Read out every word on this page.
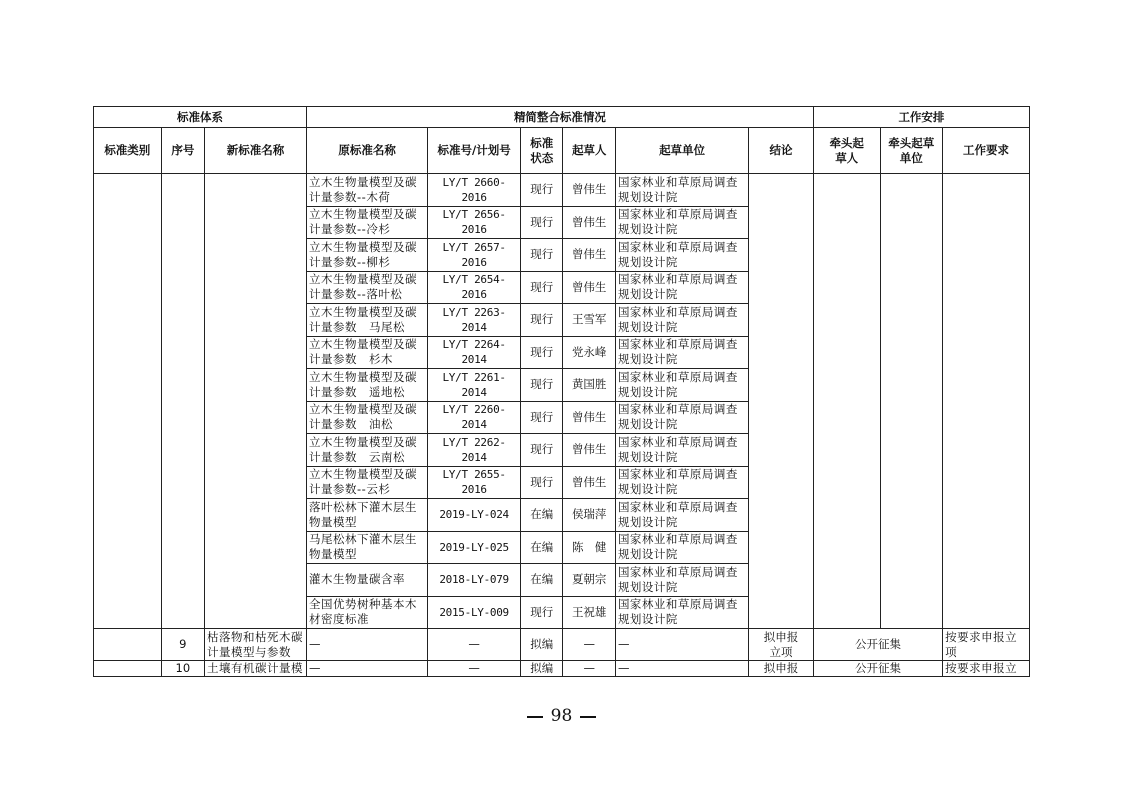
标准体系			精简整合标准情况						工作安排		
标准类别	序号	新标准名称	原标准名称	标准号/计划号	标准状态	起草人	起草单位	结论	牵头起草人	牵头起草单位	工作要求
			立木生物量模型及碳计量参数--木荷	LY/T 2660-2016	现行	曾伟生	国家林业和草原局调查规划设计院				
			立木生物量模型及碳计量参数--冷杉	LY/T 2656-2016	现行	曾伟生	国家林业和草原局调查规划设计院				
			立木生物量模型及碳计量参数--柳杉	LY/T 2657-2016	现行	曾伟生	国家林业和草原局调查规划设计院				
			立木生物量模型及碳计量参数--落叶松	LY/T 2654-2016	现行	曾伟生	国家林业和草原局调查规划设计院				
			立木生物量模型及碳计量参数　马尾松	LY/T 2263-2014	现行	王雪军	国家林业和草原局调查规划设计院				
			立木生物量模型及碳计量参数　杉木	LY/T 2264-2014	现行	党永峰	国家林业和草原局调查规划设计院				
			立木生物量模型及碳计量参数　遥地松	LY/T 2261-2014	现行	黄国胜	国家林业和草原局调查规划设计院				
			立木生物量模型及碳计量参数　油松	LY/T 2260-2014	现行	曾伟生	国家林业和草原局调查规划设计院				
			立木生物量模型及碳计量参数　云南松	LY/T 2262-2014	现行	曾伟生	国家林业和草原局调查规划设计院				
			立木生物量模型及碳计量参数--云杉	LY/T 2655-2016	现行	曾伟生	国家林业和草原局调查规划设计院				
			落叶松林下灌木层生物量模型	2019-LY-024	在编	侯瑞萍	国家林业和草原局调查规划设计院				
			马尾松林下灌木层生物量模型	2019-LY-025	在编	陈　健	国家林业和草原局调查规划设计院				
			灌木生物量碳含率	2018-LY-079	在编	夏朝宗	国家林业和草原局调查规划设计院				
			全国优势树种基本木材密度标准	2015-LY-009	现行	王祝雄	国家林业和草原局调查规划设计院				
	9	枯落物和枯死木碳计量模型与参数	—	—	拟编	—	—	拟申报立项	公开征集		按要求申报立项
	10	土壤有机碳计量模	—	—	拟编	—	—	拟申报	公开征集		按要求申报立
98
